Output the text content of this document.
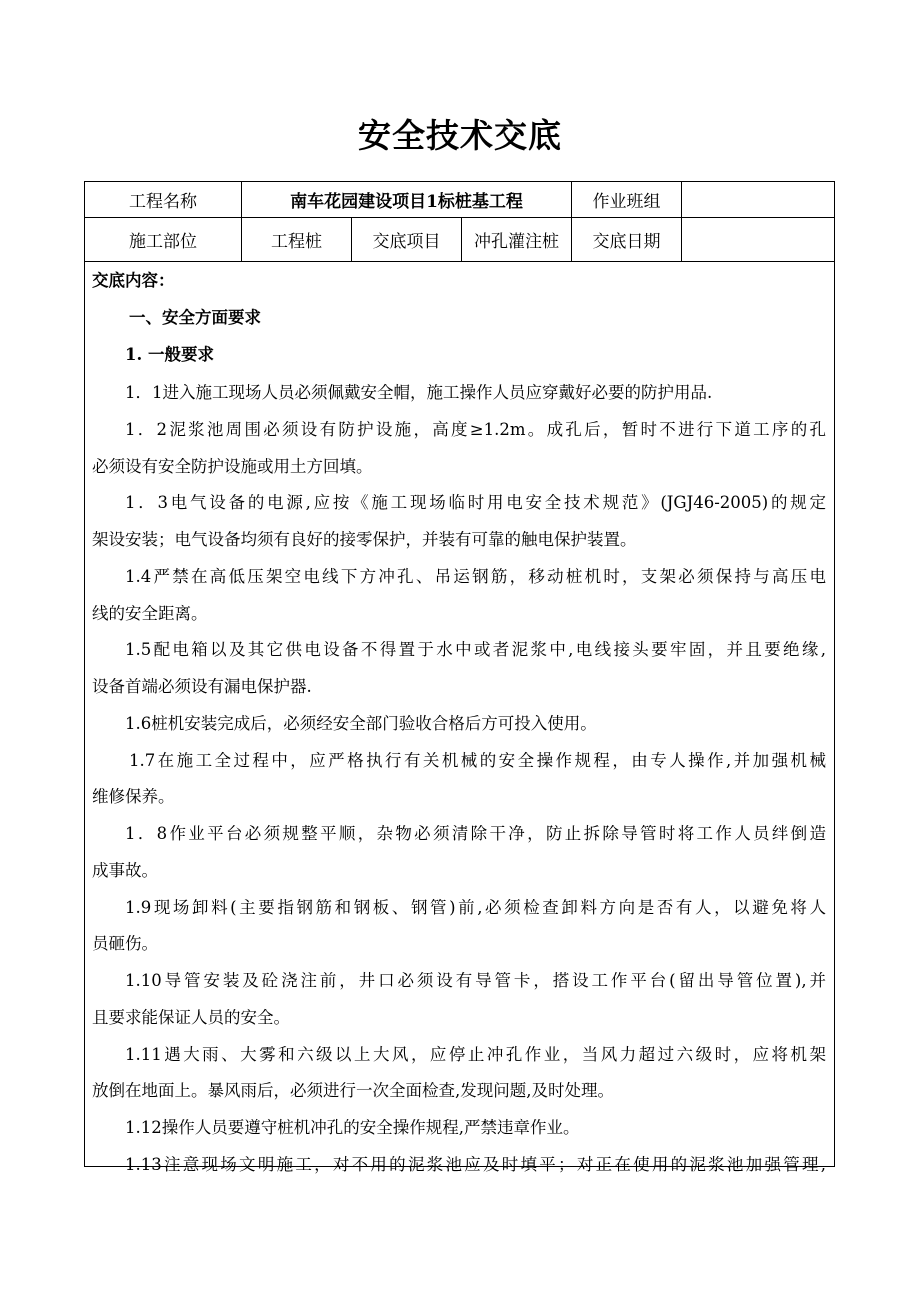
安全技术交底
工程名称	南车花园建设项目1标桩基工程	作业班组
施工部位	工程桩	交底项目	冲孔灌注桩	交底日期
交底内容：
一、安全方面要求
1. 一般要求
1．1进入施工现场人员必须佩戴安全帽，施工操作人员应穿戴好必要的防护用品.
1．2泥浆池周围必须设有防护设施，高度≥1.2m。成孔后，暂时不进行下道工序的孔
必须设有安全防护设施或用土方回填。
1．3电气设备的电源,应按《施工现场临时用电安全技术规范》(JGJ46-2005)的规定
架设安装；电气设备均须有良好的接零保护，并装有可靠的触电保护装置。
1.4严禁在高低压架空电线下方冲孔、吊运钢筋，移动桩机时，支架必须保持与高压电
线的安全距离。
1.5配电箱以及其它供电设备不得置于水中或者泥浆中,电线接头要牢固，并且要绝缘,
设备首端必须设有漏电保护器.
1.6桩机安装完成后，必须经安全部门验收合格后方可投入使用。
1.7在施工全过程中，应严格执行有关机械的安全操作规程，由专人操作,并加强机械
维修保养。
1．8作业平台必须规整平顺，杂物必须清除干净，防止拆除导管时将工作人员绊倒造
成事故。
1.9现场卸料(主要指钢筋和钢板、钢管)前,必须检查卸料方向是否有人，以避免将人
员砸伤。
1.10导管安装及砼浇注前，井口必须设有导管卡，搭设工作平台(留出导管位置),并
且要求能保证人员的安全。
1.11遇大雨、大雾和六级以上大风，应停止冲孔作业，当风力超过六级时，应将机架
放倒在地面上。暴风雨后，必须进行一次全面检查,发现问题,及时处理。
1.12操作人员要遵守桩机冲孔的安全操作规程,严禁违章作业。
1.13注意现场文明施工，对不用的泥浆池应及时填平；对正在使用的泥浆池加强管理,
